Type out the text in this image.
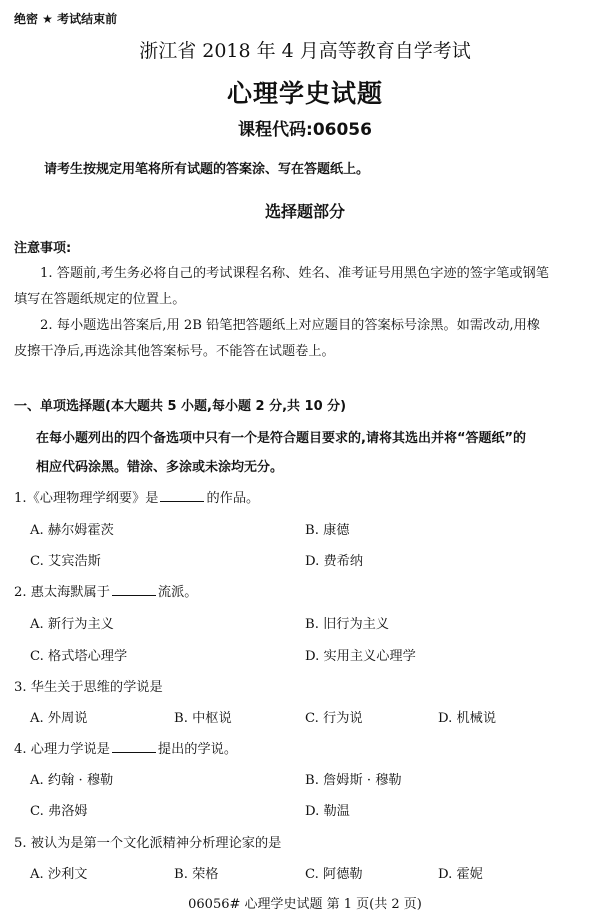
绝密 ★ 考试结束前
浙江省 2018 年 4 月高等教育自学考试
心理学史试题
课程代码:06056
请考生按规定用笔将所有试题的答案涂、写在答题纸上。
选择题部分
注意事项:
1. 答题前,考生务必将自己的考试课程名称、姓名、准考证号用黑色字迹的签字笔或钢笔
填写在答题纸规定的位置上。
2. 每小题选出答案后,用 2B 铅笔把答题纸上对应题目的答案标号涂黑。如需改动,用橡
皮擦干净后,再选涂其他答案标号。不能答在试题卷上。
一、单项选择题(本大题共 5 小题,每小题 2 分,共 10 分)
在每小题列出的四个备选项中只有一个是符合题目要求的,请将其选出并将“答题纸”的
相应代码涂黑。错涂、多涂或未涂均无分。
1.《心理物理学纲要》是	的作品。
A. 赫尔姆霍茨	B. 康德
C. 艾宾浩斯	D. 费希纳
2. 惠太海默属于	流派。
A. 新行为主义	B. 旧行为主义
C. 格式塔心理学	D. 实用主义心理学
3. 华生关于思维的学说是
A. 外周说	B. 中枢说	C. 行为说	D. 机械说
4. 心理力学说是	提出的学说。
A. 约翰 · 穆勒	B. 詹姆斯 · 穆勒
C. 弗洛姆	D. 勒温
5. 被认为是第一个文化派精神分析理论家的是
A. 沙利文	B. 荣格	C. 阿德勒	D. 霍妮
06056# 心理学史试题 第 1 页(共 2 页)
